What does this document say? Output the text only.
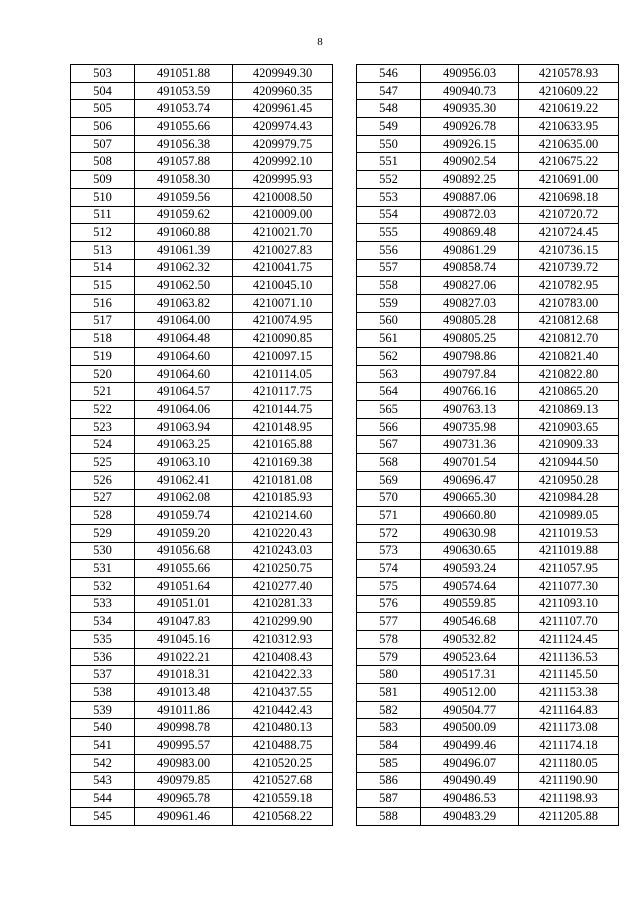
8
503	491051.88	4209949.30
504	491053.59	4209960.35
505	491053.74	4209961.45
506	491055.66	4209974.43
507	491056.38	4209979.75
508	491057.88	4209992.10
509	491058.30	4209995.93
510	491059.56	4210008.50
511	491059.62	4210009.00
512	491060.88	4210021.70
513	491061.39	4210027.83
514	491062.32	4210041.75
515	491062.50	4210045.10
516	491063.82	4210071.10
517	491064.00	4210074.95
518	491064.48	4210090.85
519	491064.60	4210097.15
520	491064.60	4210114.05
521	491064.57	4210117.75
522	491064.06	4210144.75
523	491063.94	4210148.95
524	491063.25	4210165.88
525	491063.10	4210169.38
526	491062.41	4210181.08
527	491062.08	4210185.93
528	491059.74	4210214.60
529	491059.20	4210220.43
530	491056.68	4210243.03
531	491055.66	4210250.75
532	491051.64	4210277.40
533	491051.01	4210281.33
534	491047.83	4210299.90
535	491045.16	4210312.93
536	491022.21	4210408.43
537	491018.31	4210422.33
538	491013.48	4210437.55
539	491011.86	4210442.43
540	490998.78	4210480.13
541	490995.57	4210488.75
542	490983.00	4210520.25
543	490979.85	4210527.68
544	490965.78	4210559.18
545	490961.46	4210568.22
546	490956.03	4210578.93
547	490940.73	4210609.22
548	490935.30	4210619.22
549	490926.78	4210633.95
550	490926.15	4210635.00
551	490902.54	4210675.22
552	490892.25	4210691.00
553	490887.06	4210698.18
554	490872.03	4210720.72
555	490869.48	4210724.45
556	490861.29	4210736.15
557	490858.74	4210739.72
558	490827.06	4210782.95
559	490827.03	4210783.00
560	490805.28	4210812.68
561	490805.25	4210812.70
562	490798.86	4210821.40
563	490797.84	4210822.80
564	490766.16	4210865.20
565	490763.13	4210869.13
566	490735.98	4210903.65
567	490731.36	4210909.33
568	490701.54	4210944.50
569	490696.47	4210950.28
570	490665.30	4210984.28
571	490660.80	4210989.05
572	490630.98	4211019.53
573	490630.65	4211019.88
574	490593.24	4211057.95
575	490574.64	4211077.30
576	490559.85	4211093.10
577	490546.68	4211107.70
578	490532.82	4211124.45
579	490523.64	4211136.53
580	490517.31	4211145.50
581	490512.00	4211153.38
582	490504.77	4211164.83
583	490500.09	4211173.08
584	490499.46	4211174.18
585	490496.07	4211180.05
586	490490.49	4211190.90
587	490486.53	4211198.93
588	490483.29	4211205.88
